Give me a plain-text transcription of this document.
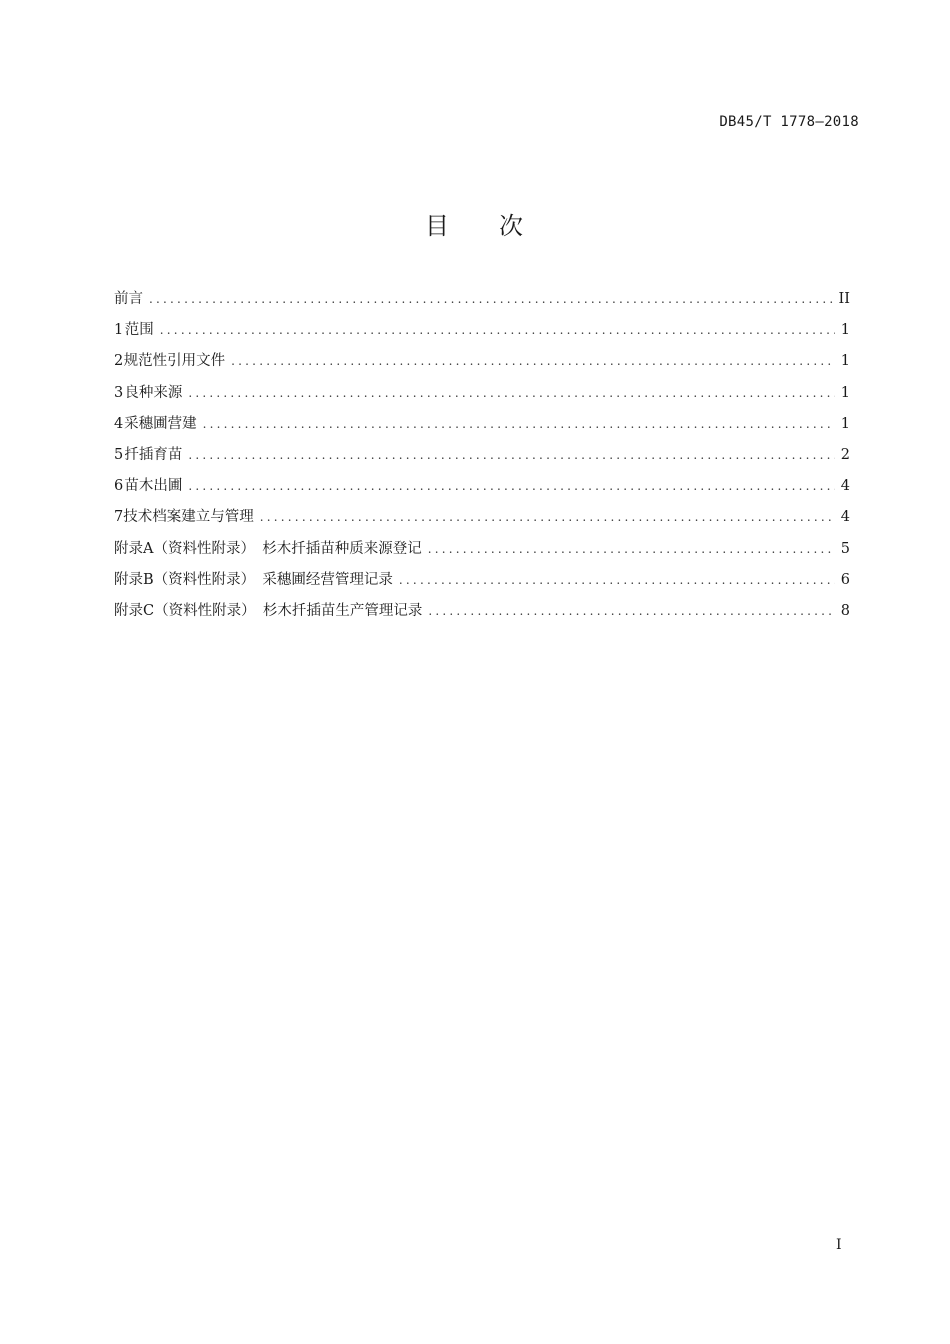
DB45/T 1778—2018
目 次
前言 .....	II
1 范围 .....	1
2 规范性引用文件 .....	1
3 良种来源 .....	1
4 采穗圃营建 .....	1
5 扦插育苗 .....	2
6 苗木出圃 .....	4
7 技术档案建立与管理 .....	4
附录A（资料性附录）　杉木扦插苗种质来源登记 .....	5
附录B（资料性附录）　采穗圃经营管理记录 .....	6
附录C（资料性附录）　杉木扦插苗生产管理记录 .....	8
I
